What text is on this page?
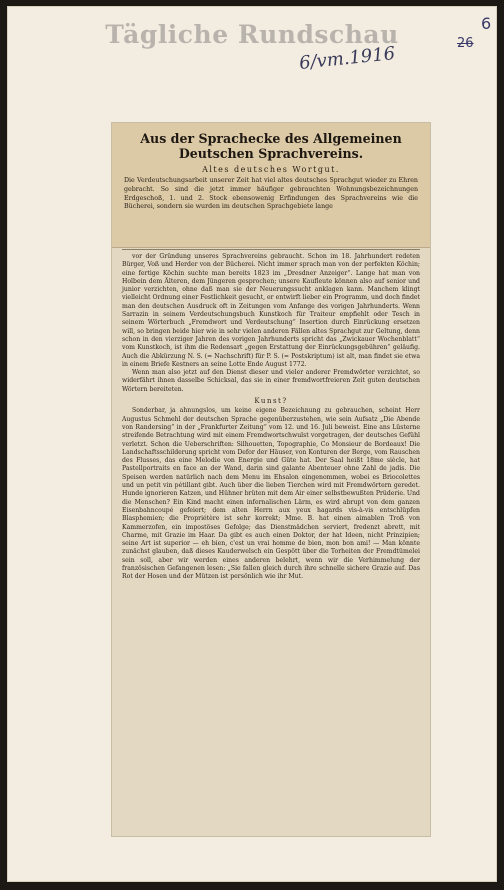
Tägliche Rundschau
6/vm.1916
6
26
Aus der Sprachecke des Allgemeinen
Deutschen Sprachvereins.
Altes deutsches Wortgut.
Die Verdeutschungsarbeit unserer Zeit hat viel altes deutsches Sprachgut wieder zu Ehren gebracht. So sind die jetzt immer häufiger gebrauchten Wohnungsbezeichnungen Erdgeschoß, 1. und 2. Stock ebensowenig Erfindungen des Sprachvereins wie die Bücherei, sondern sie wurden im deutschen Sprachgebiete lange

vor der Gründung unseres Sprachvereins gebraucht. Schon im 18. Jahrhundert redeten Bürger, Voß und Herder von der Bücherei. Nicht immer sprach man von der perfekten Köchin; eine fertige Köchin suchte man bereits 1823 im „Dresdner Anzeiger“. Lange hat man von Holbein dem Älteren, dem Jüngeren gesprochen; unsere Kaufleute können also auf senior und junior verzichten, ohne daß man sie der Neuerungssucht anklagen kann. Manchem klingt vielleicht Ordnung einer Festlichkeit gesucht, er entwirft lieber ein Programm, und doch findet man den deutschen Ausdruck oft in Zeitungen vom Anfange des vorigen Jahrhunderts. Wenn Sarrazin in seinem Verdeutschungsbuch Kunstkoch für Traiteur empfiehlt oder Tesch in seinem Wörterbuch „Fremdwort und Verdeutschung“ Insertion durch Einrückung ersetzen will, so bringen beide hier wie in sehr vielen anderen Fällen altes Sprachgut zur Geltung, denn schon in den vierziger Jahren des vorigen Jahrhunderts spricht das „Zwickauer Wochenblatt“ vom Kunstkoch, ist ihm die Redensart „gegen Erstattung der Einrückungsgebühren“ geläufig. Auch die Abkürzung N. S. (= Nachschrift) für P. S. (= Postskriptum) ist alt, man findet sie etwa in einem Briefe Kestners an seine Lotte Ende August 1772.

Wenn man also jetzt auf den Dienst dieser und vieler anderer Fremdwörter verzichtet, so widerfährt ihnen dasselbe Schicksal, das sie in einer fremdwortfreieren Zeit guten deutschen Wörtern bereiteten.

Kunst?

Sonderbar, ja ahnungslos, um keine eigene Bezeichnung zu gebrauchen, scheint Herr Augustus Schmehl der deutschen Sprache gegenüberzustehen, wie sein Aufsatz „Die Abende von Randersing“ in der „Frankfurter Zeitung“ vom 12. und 16. Juli beweist. Eine ans Lüsterne streifende Betrachtung wird mit einem Fremdwortschwulst vorgetragen, der deutsches Gefühl verletzt. Schon die Ueberschriften: Silhouetten, Topographie, Co Monsieur de Bordeaux! Die Landschaftsschilderung spricht vom Defor der Häuser, von Konturen der Berge, vom Rauschen des Flusses, das eine Melodie von Energie und Güte hat. Der Saal heißt 18me siècle, hat Pastellportraits en face an der Wand, darin sind galante Abenteuer ohne Zahl de jadis. Die Speisen werden natürlich nach dem Menu im Ehsalon eingenommen, wobei es Briocolettes und un petit vin pétillant gibt. Auch über die lieben Tierchen wird mit Fremdwörtern geredet. Hunde ignorieren Katzen, und Hühner brüten mit dem Air einer selbstbewußten Prüderie. Und die Menschen? Ein Kind macht einen infernalischen Lärm, es wird abrupt von dem ganzen Eisenbahncoupé gefeiert; dem alten Herrn aux yeux hagards vis-à-vis entschlüpfen Blasphemien; die Propriétère ist sehr korrekt; Mme. B. hat einen aimablen Troß von Kammerzofen, ein impostöses Gefolge; das Dienstmädchen serviert, fredenzt abrett, mit Charme, mit Grazie im Haar. Da gibt es auch einen Doktor, der hat Ideen, nicht Prinzipien; seine Art ist superior — eh bien, c'est un vrai homme de bien, mon bon ami! — Man könnte zunächst glauben, daß dieses Kauderwelsch ein Gespött über die Torheiten der Fremdtümelei sein soll, aber wir werden eines anderen belehrt, wenn wir die Verhimmelung der französischen Gefangenen lesen: „Sie fallen gleich durch ihre schnelle sichere Grazie auf. Das Rot der Hosen und der Mützen ist persönlich wie ihr Mut.
